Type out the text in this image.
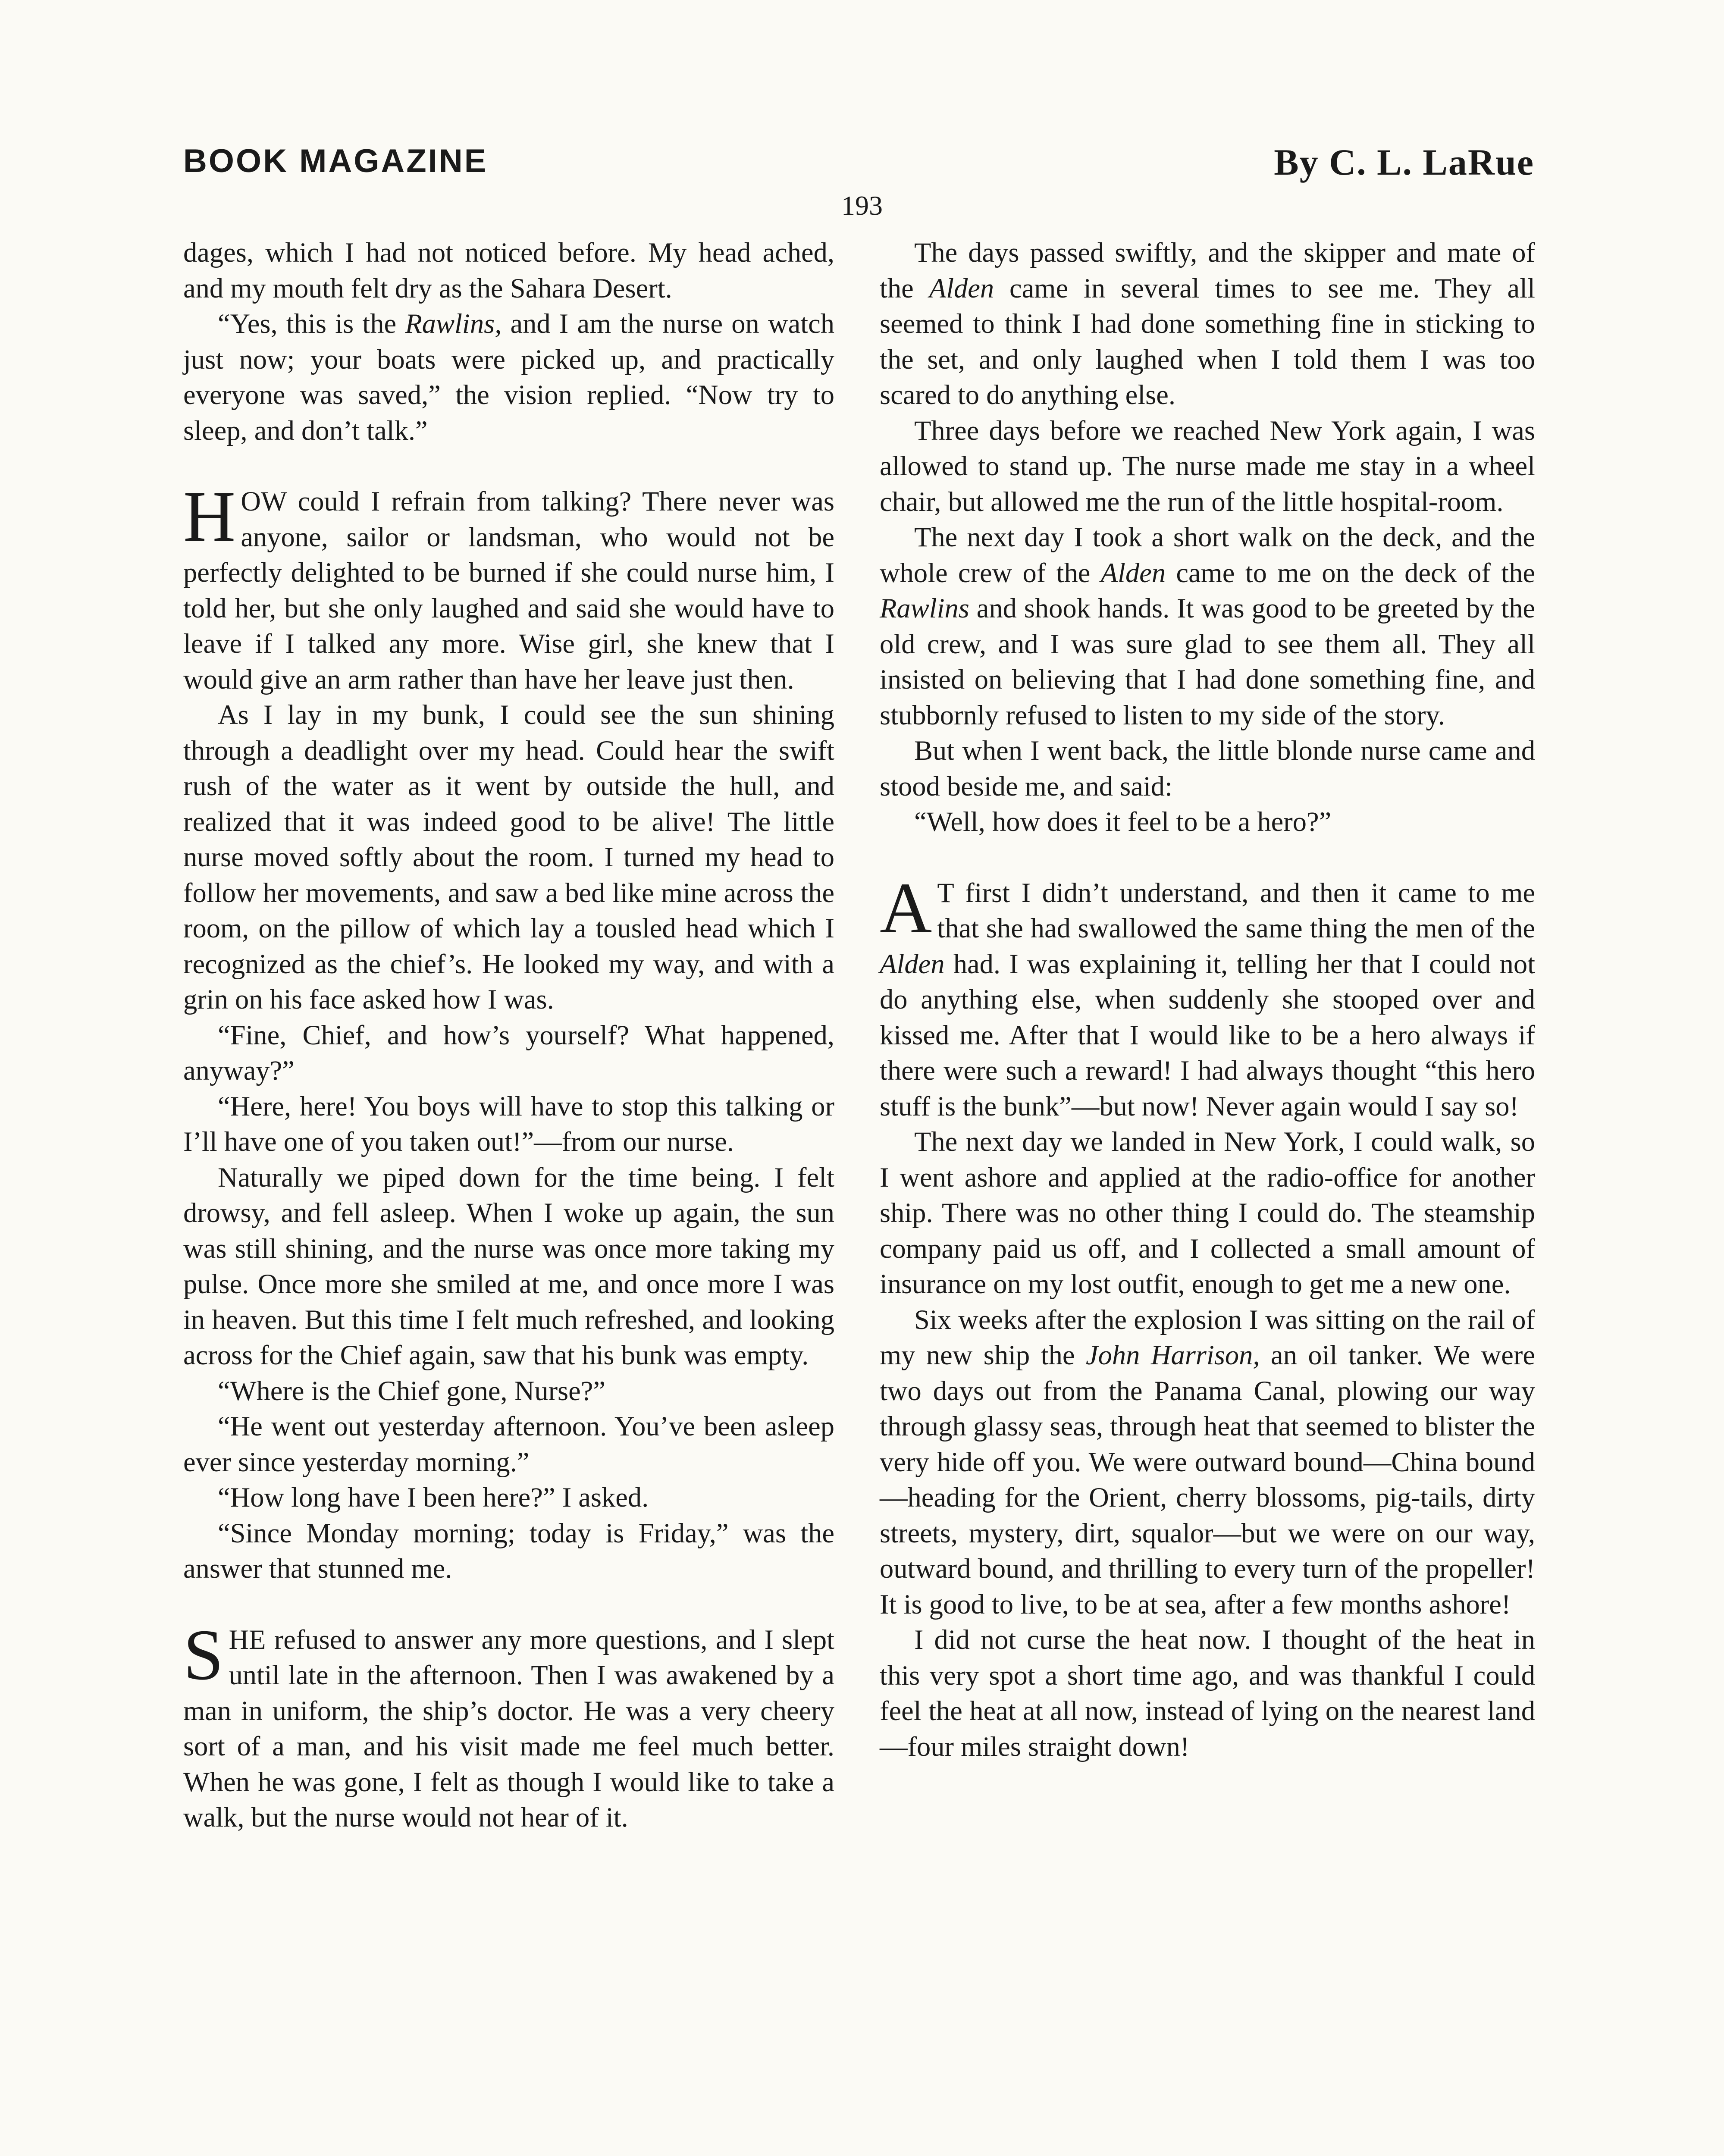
BOOK MAGAZINE	By C. L. LaRue
193

dages, which I had not noticed before. My head ached, and my mouth felt dry as the Sahara Desert.

“Yes, this is the Rawlins, and I am the nurse on watch just now; your boats were picked up, and practically everyone was saved,” the vision replied. “Now try to sleep, and don’t talk.”

HOW could I refrain from talking? There never was anyone, sailor or landsman, who would not be perfectly delighted to be burned if she could nurse him, I told her, but she only laughed and said she would have to leave if I talked any more. Wise girl, she knew that I would give an arm rather than have her leave just then.

As I lay in my bunk, I could see the sun shining through a deadlight over my head. Could hear the swift rush of the water as it went by outside the hull, and realized that it was indeed good to be alive! The little nurse moved softly about the room. I turned my head to follow her movements, and saw a bed like mine across the room, on the pillow of which lay a tousled head which I recognized as the chief’s. He looked my way, and with a grin on his face asked how I was.

“Fine, Chief, and how’s yourself? What happened, anyway?”

“Here, here! You boys will have to stop this talking or I’ll have one of you taken out!”—from our nurse.

Naturally we piped down for the time being. I felt drowsy, and fell asleep. When I woke up again, the sun was still shining, and the nurse was once more taking my pulse. Once more she smiled at me, and once more I was in heaven. But this time I felt much refreshed, and looking across for the Chief again, saw that his bunk was empty.

“Where is the Chief gone, Nurse?”

“He went out yesterday afternoon. You’ve been asleep ever since yesterday morning.”

“How long have I been here?” I asked.

“Since Monday morning; today is Friday,” was the answer that stunned me.

SHE refused to answer any more questions, and I slept until late in the afternoon. Then I was awakened by a man in uniform, the ship’s doctor. He was a very cheery sort of a man, and his visit made me feel much better. When he was gone, I felt as though I would like to take a walk, but the nurse would not hear of it.

The days passed swiftly, and the skipper and mate of the Alden came in several times to see me. They all seemed to think I had done something fine in sticking to the set, and only laughed when I told them I was too scared to do anything else.

Three days before we reached New York again, I was allowed to stand up. The nurse made me stay in a wheel chair, but allowed me the run of the little hospital-room.

The next day I took a short walk on the deck, and the whole crew of the Alden came to me on the deck of the Rawlins and shook hands. It was good to be greeted by the old crew, and I was sure glad to see them all. They all insisted on believing that I had done something fine, and stubbornly refused to listen to my side of the story.

But when I went back, the little blonde nurse came and stood beside me, and said:

“Well, how does it feel to be a hero?”

A T first I didn’t understand, and then it came to me that she had swallowed the same thing the men of the Alden had. I was explaining it, telling her that I could not do anything else, when suddenly she stooped over and kissed me. After that I would like to be a hero always if there were such a reward! I had always thought “this hero stuff is the bunk”—but now! Never again would I say so!

The next day we landed in New York, I could walk, so I went ashore and applied at the radio-office for another ship. There was no other thing I could do. The steamship company paid us off, and I collected a small amount of insurance on my lost outfit, enough to get me a new one.

Six weeks after the explosion I was sitting on the rail of my new ship the John Harrison, an oil tanker. We were two days out from the Panama Canal, plowing our way through glassy seas, through heat that seemed to blister the very hide off you. We were outward bound—China bound—heading for the Orient, cherry blossoms, pig-tails, dirty streets, mystery, dirt, squalor—but we were on our way, outward bound, and thrilling to every turn of the propeller! It is good to live, to be at sea, after a few months ashore!

I did not curse the heat now. I thought of the heat in this very spot a short time ago, and was thankful I could feel the heat at all now, instead of lying on the nearest land—four miles straight down!
